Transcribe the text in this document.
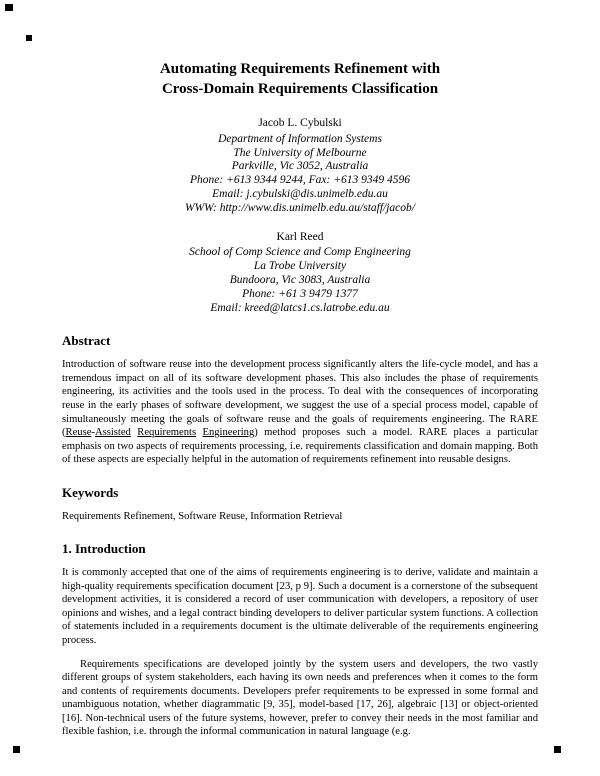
Automating Requirements Refinement with
Cross-Domain Requirements Classification
Jacob L. Cybulski
Department of Information Systems
The University of Melbourne
Parkville, Vic 3052, Australia
Phone: +613 9344 9244, Fax: +613 9349 4596
Email: j.cybulski@dis.unimelb.edu.au
WWW: http://www.dis.unimelb.edu.au/staff/jacob/
Karl Reed
School of Comp Science and Comp Engineering
La Trobe University
Bundoora, Vic 3083, Australia
Phone: +61 3 9479 1377
Email: kreed@latcs1.cs.latrobe.edu.au
Abstract

Introduction of software reuse into the development process significantly alters the life-cycle model, and has a tremendous impact on all of its software development phases. This also includes the phase of requirements engineering, its activities and the tools used in the process. To deal with the consequences of incorporating reuse in the early phases of software development, we suggest the use of a special process model, capable of simultaneously meeting the goals of software reuse and the goals of requirements engineering. The RARE (Reuse-Assisted Requirements Engineering) method proposes such a model. RARE places a particular emphasis on two aspects of requirements processing, i.e. requirements classification and domain mapping. Both of these aspects are especially helpful in the automation of requirements refinement into reusable designs.

Keywords

Requirements Refinement, Software Reuse, Information Retrieval

1. Introduction

It is commonly accepted that one of the aims of requirements engineering is to derive, validate and maintain a high-quality requirements specification document [23, p 9]. Such a document is a cornerstone of the subsequent development activities, it is considered a record of user communication with developers, a repository of user opinions and wishes, and a legal contract binding developers to deliver particular system functions. A collection of statements included in a requirements document is the ultimate deliverable of the requirements engineering process.

Requirements specifications are developed jointly by the system users and developers, the two vastly different groups of system stakeholders, each having its own needs and preferences when it comes to the form and contents of requirements documents. Developers prefer requirements to be expressed in some formal and unambiguous notation, whether diagrammatic [9, 35], model-based [17, 26], algebraic [13] or object-oriented [16]. Non-technical users of the future systems, however, prefer to convey their needs in the most familiar and flexible fashion, i.e. through the informal communication in natural language (e.g.
